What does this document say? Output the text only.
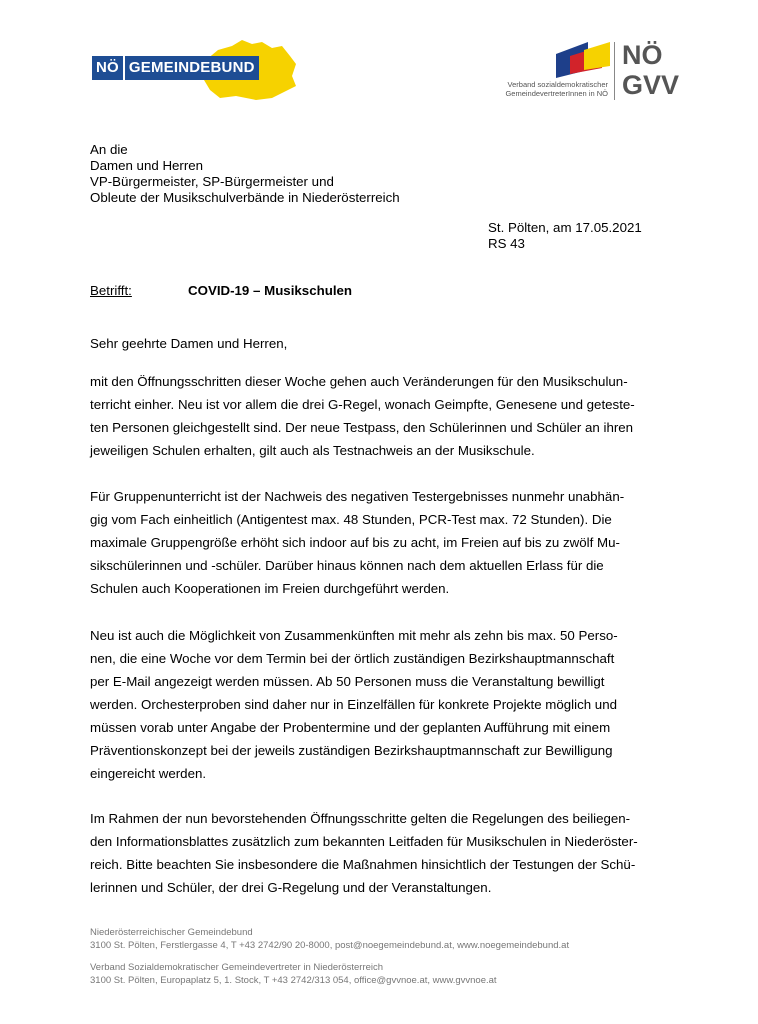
NÖ GEMEINDEBUND
Verband sozialdemokratischer
GemeindevertreterInnen in NÖ
NÖ
GVV
An die
Damen und Herren
VP-Bürgermeister, SP-Bürgermeister und
Obleute der Musikschulverbände in Niederösterreich
St. Pölten, am 17.05.2021
RS 43
Betrifft:	COVID-19 – Musikschulen
Sehr geehrte Damen und Herren,
mit den Öffnungsschritten dieser Woche gehen auch Veränderungen für den Musikschulun-
terricht einher. Neu ist vor allem die drei G-Regel, wonach Geimpfte, Genesene und geteste-
ten Personen gleichgestellt sind. Der neue Testpass, den Schülerinnen und Schüler an ihren
jeweiligen Schulen erhalten, gilt auch als Testnachweis an der Musikschule.
Für Gruppenunterricht ist der Nachweis des negativen Testergebnisses nunmehr unabhän-
gig vom Fach einheitlich (Antigentest max. 48 Stunden, PCR-Test max. 72 Stunden). Die
maximale Gruppengröße erhöht sich indoor auf bis zu acht, im Freien auf bis zu zwölf Mu-
sikschülerinnen und -schüler. Darüber hinaus können nach dem aktuellen Erlass für die
Schulen auch Kooperationen im Freien durchgeführt werden.
Neu ist auch die Möglichkeit von Zusammenkünften mit mehr als zehn bis max. 50 Perso-
nen, die eine Woche vor dem Termin bei der örtlich zuständigen Bezirkshauptmannschaft
per E-Mail angezeigt werden müssen. Ab 50 Personen muss die Veranstaltung bewilligt
werden. Orchesterproben sind daher nur in Einzelfällen für konkrete Projekte möglich und
müssen vorab unter Angabe der Probentermine und der geplanten Aufführung mit einem
Präventionskonzept bei der jeweils zuständigen Bezirkshauptmannschaft zur Bewilligung
eingereicht werden.
Im Rahmen der nun bevorstehenden Öffnungsschritte gelten die Regelungen des beiliegen-
den Informationsblattes zusätzlich zum bekannten Leitfaden für Musikschulen in Niederöster-
reich. Bitte beachten Sie insbesondere die Maßnahmen hinsichtlich der Testungen der Schü-
lerinnen und Schüler, der drei G-Regelung und der Veranstaltungen.
Niederösterreichischer Gemeindebund
3100 St. Pölten, Ferstlergasse 4, T +43 2742/90 20-8000, post@noegemeindebund.at, www.noegemeindebund.at
Verband Sozialdemokratischer Gemeindevertreter in Niederösterreich
3100 St. Pölten, Europaplatz 5, 1. Stock, T +43 2742/313 054, office@gvvnoe.at, www.gvvnoe.at
